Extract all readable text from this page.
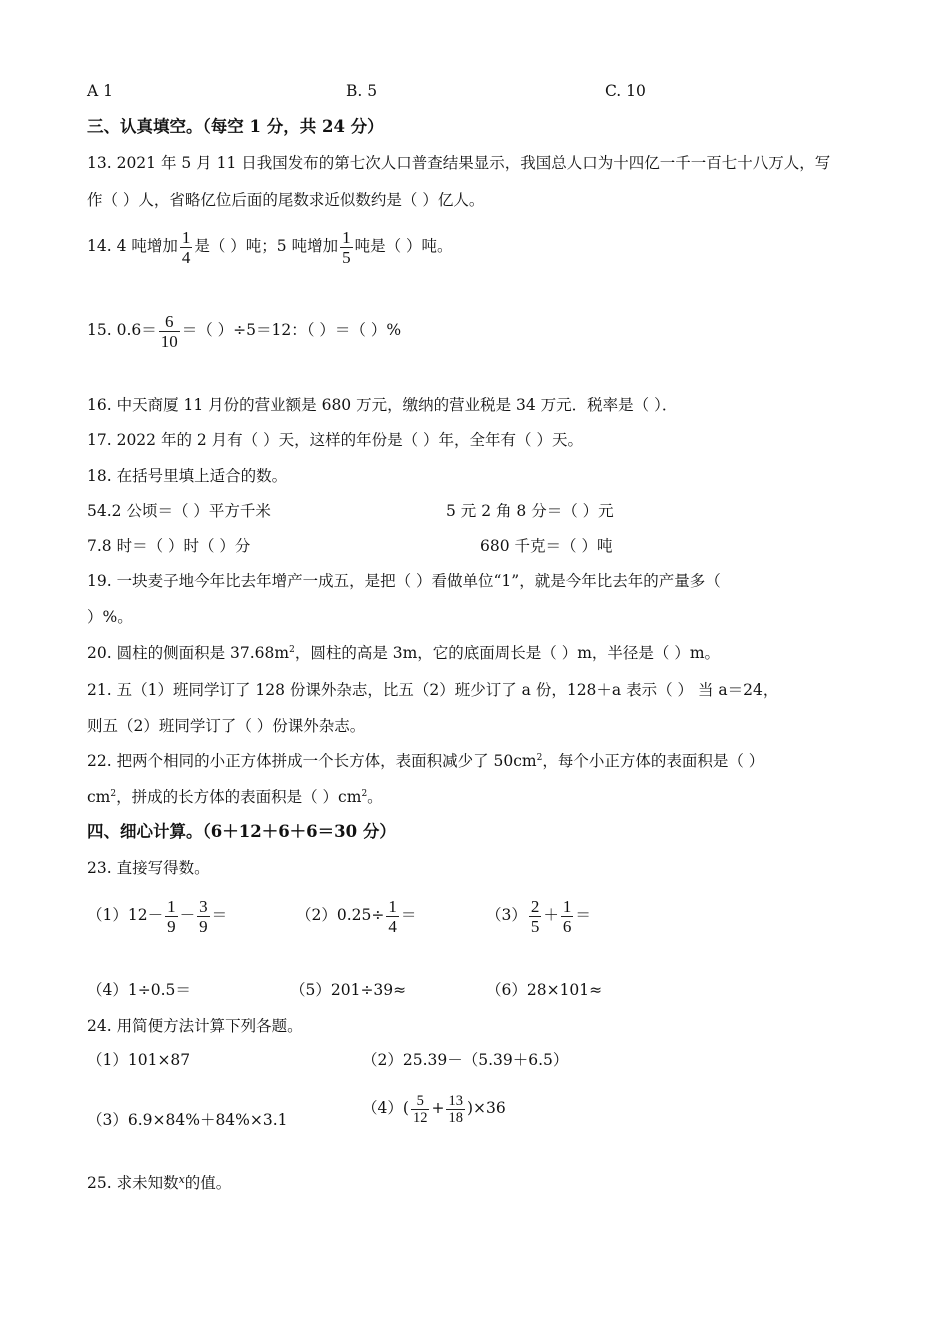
A 1	B. 5	C. 10
三、认真填空。（每空 1 分，共 24 分）
13. 2021 年 5 月 11 日我国发布的第七次人口普查结果显示，我国总人口为十四亿一千一百七十八万人，写
作（ ）人，省略亿位后面的尾数求近似数约是（ ）亿人。
14. 4 吨增加 $\frac{1}{4}$ 是（ ）吨；5 吨增加 $\frac{1}{5}$ 吨是（ ）吨。
15. $0.6= \frac{6}{10}$ ＝（ ）÷5＝12：（ ）＝（ ）%
16. 中天商厦 11 月份的营业额是 680 万元，缴纳的营业税是 34 万元．税率是（ ）．
17. 2022 年的 2 月有（ ）天，这样的年份是（ ）年，全年有（ ）天。
18. 在括号里填上适合的数。
54.2 公顷＝（ ）平方千米	5 元 2 角 8 分＝（ ）元
7.8 时＝（ ）时（ ）分	680 千克＝（ ）吨
19. 一块麦子地今年比去年增产一成五，是把（ ）看做单位“1”，就是今年比去年的产量多（
）%。
20. 圆柱的侧面积是 $37.68m^2$，圆柱的高是 3m，它的底面周长是（ ）m，半径是（ ）m。
21. 五（1）班同学订了 128 份课外杂志，比五（2）班少订了 a 份，128＋a 表示（ ） 当 a＝24，
则五（2）班同学订了（ ）份课外杂志。
22. 把两个相同的小正方体拼成一个长方体，表面积减少了 $50cm^2$，每个小正方体的表面积是（ ）
$cm^2$，拼成的长方体的表面积是（ ）$cm^2$。
四、细心计算。（6＋12＋6＋6＝30 分）
23. 直接写得数。
$(1)12- \frac{1}{9} - \frac{3}{9}$ ＝	$(2)0.25\div \frac{1}{4}$ ＝	$(3) \frac{2}{5} + \frac{1}{6}$ ＝
（4）1÷0.5＝	（5）201÷39≈	（6）28×101≈
24. 用简便方法计算下列各题。
（1）101×87	（2）25.39－（5.39＋6.5）
（3）6.9×84%＋84%×3.1
$(4)( \frac{5}{12} + \frac{13}{18} )\times 36$
25. 求未知数$^x$的值。
